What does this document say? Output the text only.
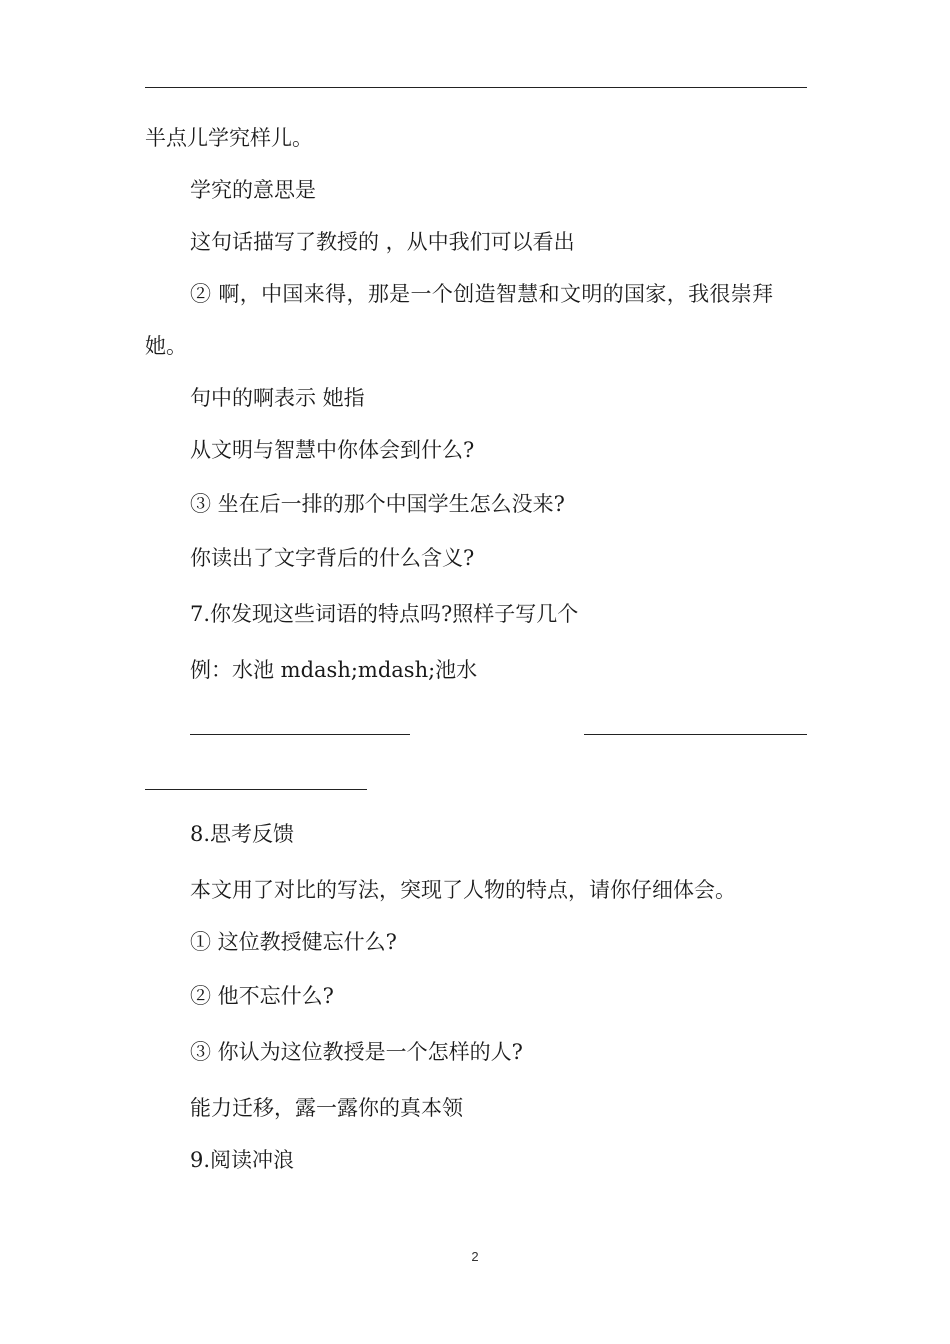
半点儿学究样儿。
学究的意思是
这句话描写了教授的 ，从中我们可以看出
② 啊，中国来得，那是一个创造智慧和文明的国家，我很崇拜
她。
句中的啊表示 她指
从文明与智慧中你体会到什么?
③ 坐在后一排的那个中国学生怎么没来?
你读出了文字背后的什么含义?
7.你发现这些词语的特点吗?照样子写几个
例：水池 mdash;mdash;池水
8.思考反馈
本文用了对比的写法，突现了人物的特点，请你仔细体会。
① 这位教授健忘什么?
② 他不忘什么?
③ 你认为这位教授是一个怎样的人?
能力迁移，露一露你的真本领
9.阅读冲浪
2
